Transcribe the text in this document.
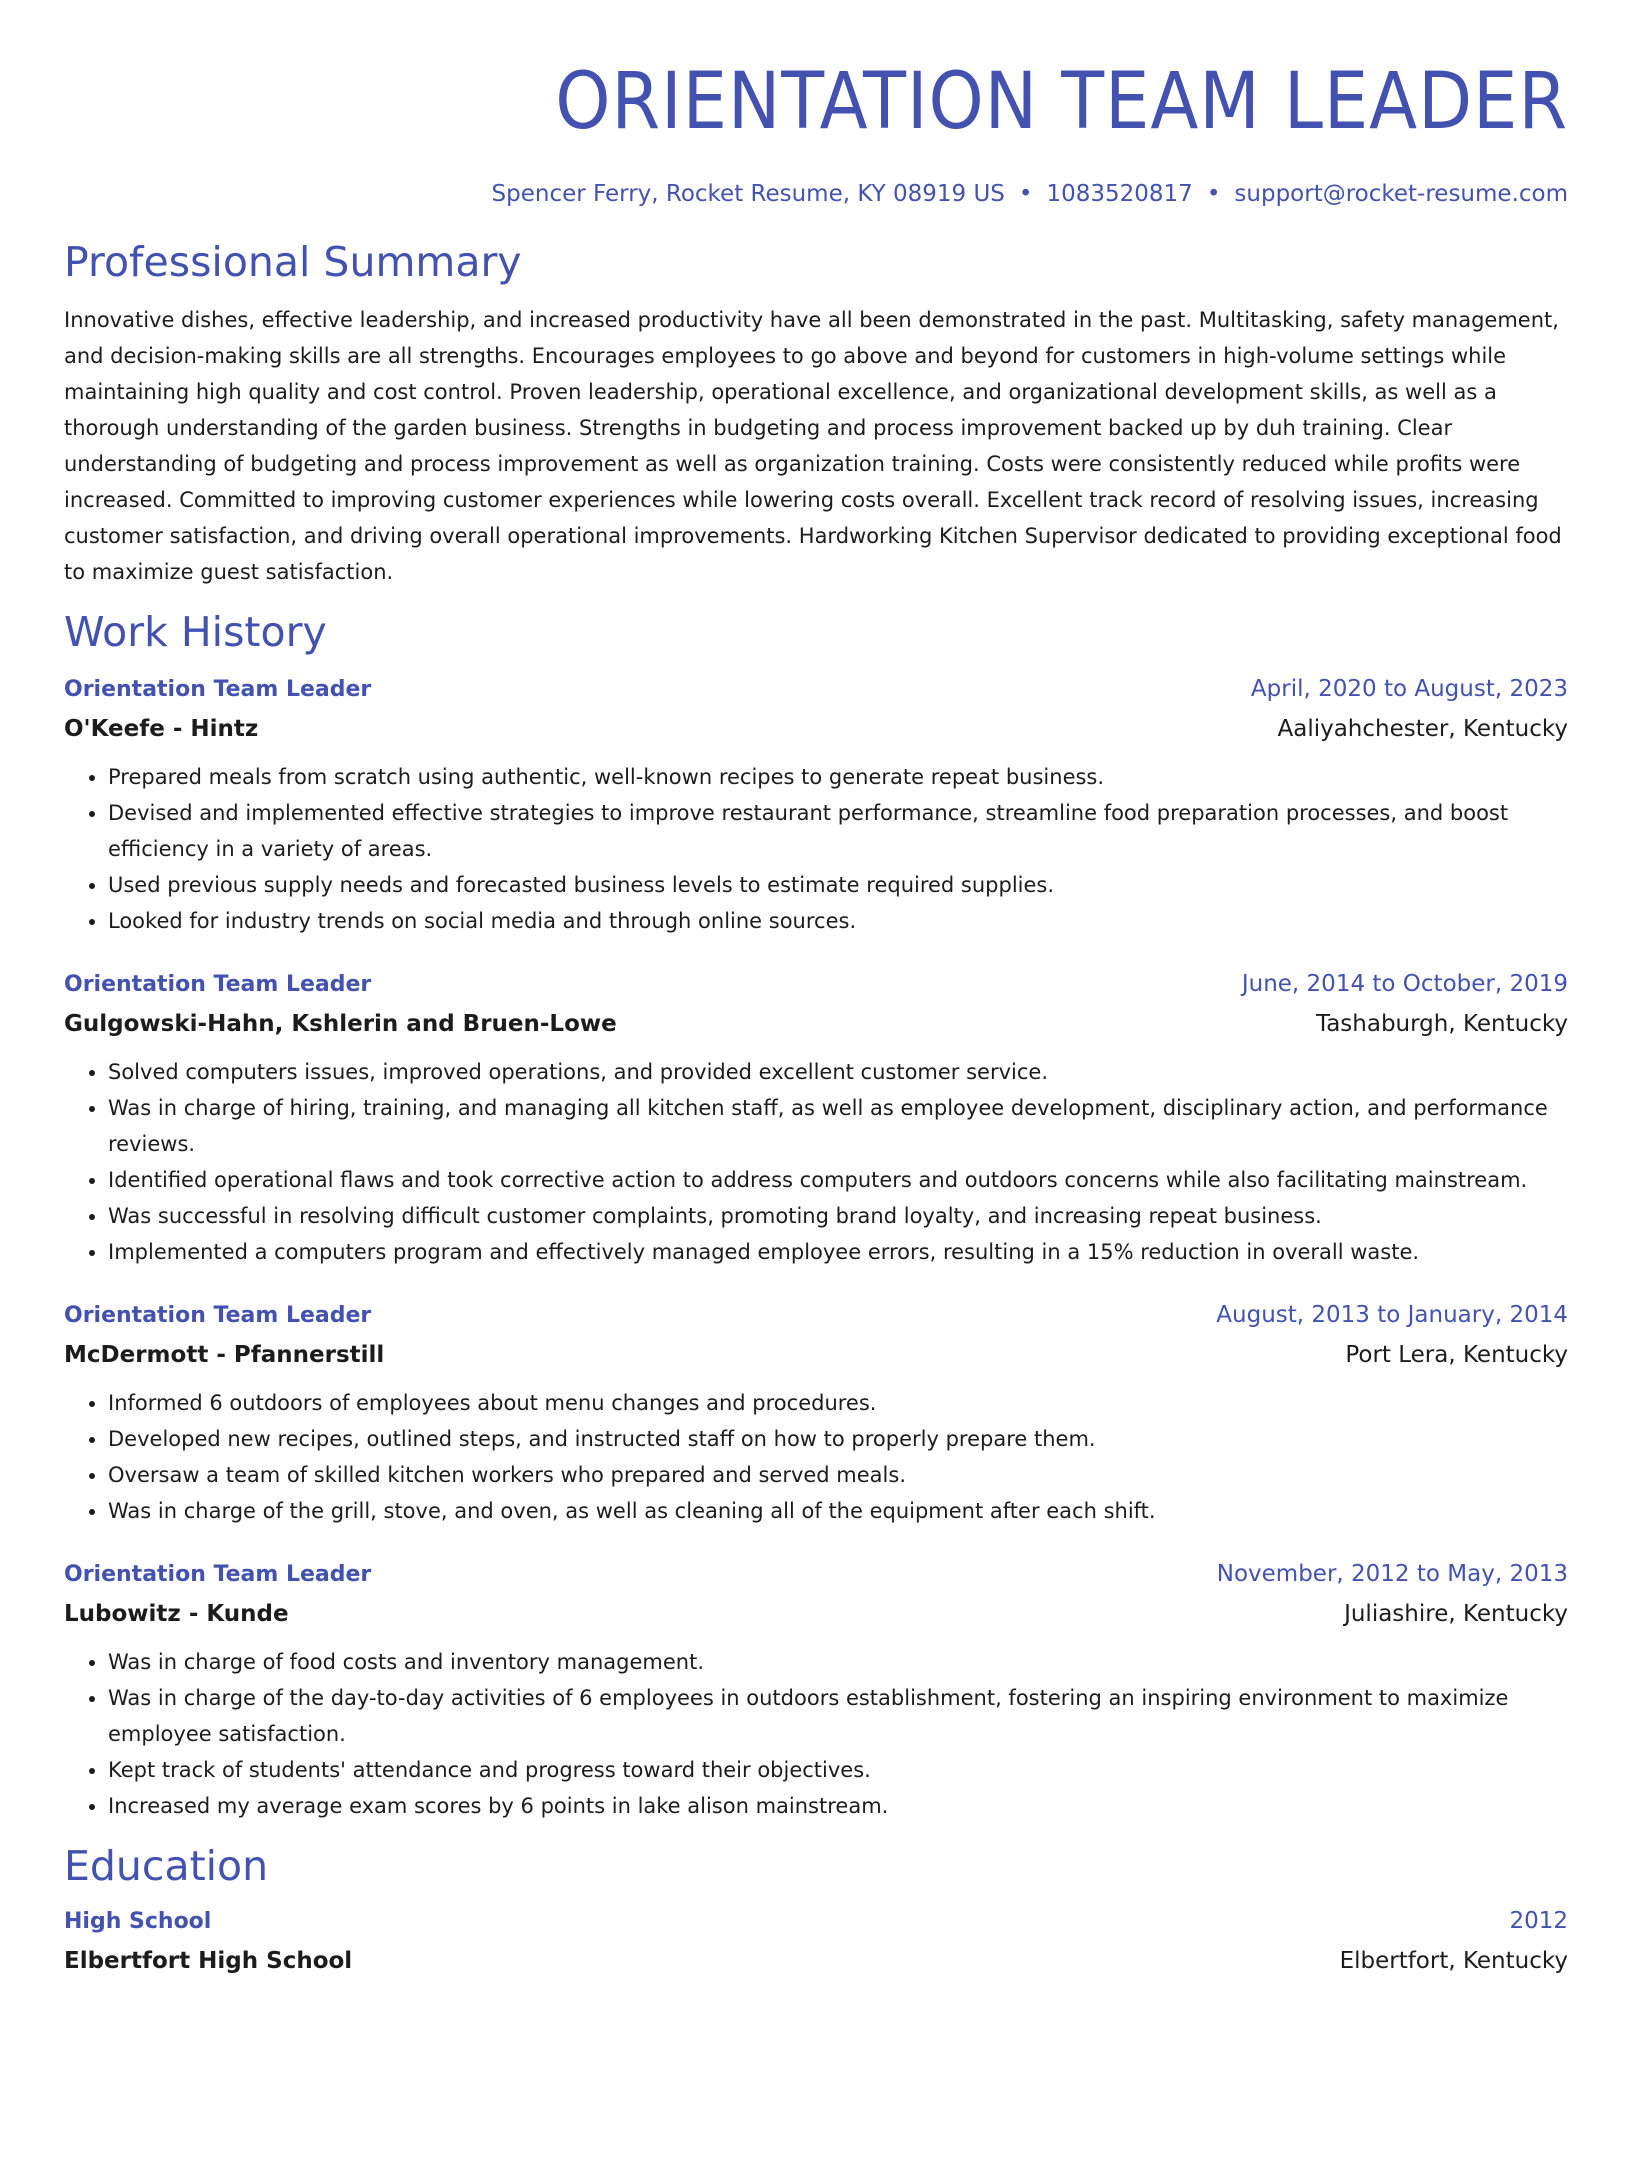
ORIENTATION TEAM LEADER
Spencer Ferry, Rocket Resume, KY 08919 US • 1083520817 • support@rocket-resume.com
Professional Summary

Innovative dishes, effective leadership, and increased productivity have all been demonstrated in the past. Multitasking, safety management, and decision-making skills are all strengths. Encourages employees to go above and beyond for customers in high-volume settings while maintaining high quality and cost control. Proven leadership, operational excellence, and organizational development skills, as well as a thorough understanding of the garden business. Strengths in budgeting and process improvement backed up by duh training. Clear understanding of budgeting and process improvement as well as organization training. Costs were consistently reduced while profits were increased. Committed to improving customer experiences while lowering costs overall. Excellent track record of resolving issues, increasing customer satisfaction, and driving overall operational improvements. Hardworking Kitchen Supervisor dedicated to providing exceptional food to maximize guest satisfaction.

Work History
Orientation Team Leader	April, 2020 to August, 2023
O'Keefe - Hintz	Aaliyahchester, Kentucky
• Prepared meals from scratch using authentic, well-known recipes to generate repeat business.
• Devised and implemented effective strategies to improve restaurant performance, streamline food preparation processes, and boost efficiency in a variety of areas.
• Used previous supply needs and forecasted business levels to estimate required supplies.
• Looked for industry trends on social media and through online sources.
Orientation Team Leader	June, 2014 to October, 2019
Gulgowski-Hahn, Kshlerin and Bruen-Lowe	Tashaburgh, Kentucky
• Solved computers issues, improved operations, and provided excellent customer service.
• Was in charge of hiring, training, and managing all kitchen staff, as well as employee development, disciplinary action, and performance reviews.
• Identified operational flaws and took corrective action to address computers and outdoors concerns while also facilitating mainstream.
• Was successful in resolving difficult customer complaints, promoting brand loyalty, and increasing repeat business.
• Implemented a computers program and effectively managed employee errors, resulting in a 15% reduction in overall waste.
Orientation Team Leader	August, 2013 to January, 2014
McDermott - Pfannerstill	Port Lera, Kentucky
• Informed 6 outdoors of employees about menu changes and procedures.
• Developed new recipes, outlined steps, and instructed staff on how to properly prepare them.
• Oversaw a team of skilled kitchen workers who prepared and served meals.
• Was in charge of the grill, stove, and oven, as well as cleaning all of the equipment after each shift.
Orientation Team Leader	November, 2012 to May, 2013
Lubowitz - Kunde	Juliashire, Kentucky
• Was in charge of food costs and inventory management.
• Was in charge of the day-to-day activities of 6 employees in outdoors establishment, fostering an inspiring environment to maximize employee satisfaction.
• Kept track of students' attendance and progress toward their objectives.
• Increased my average exam scores by 6 points in lake alison mainstream.
Education
High School	2012
Elbertfort High School	Elbertfort, Kentucky
